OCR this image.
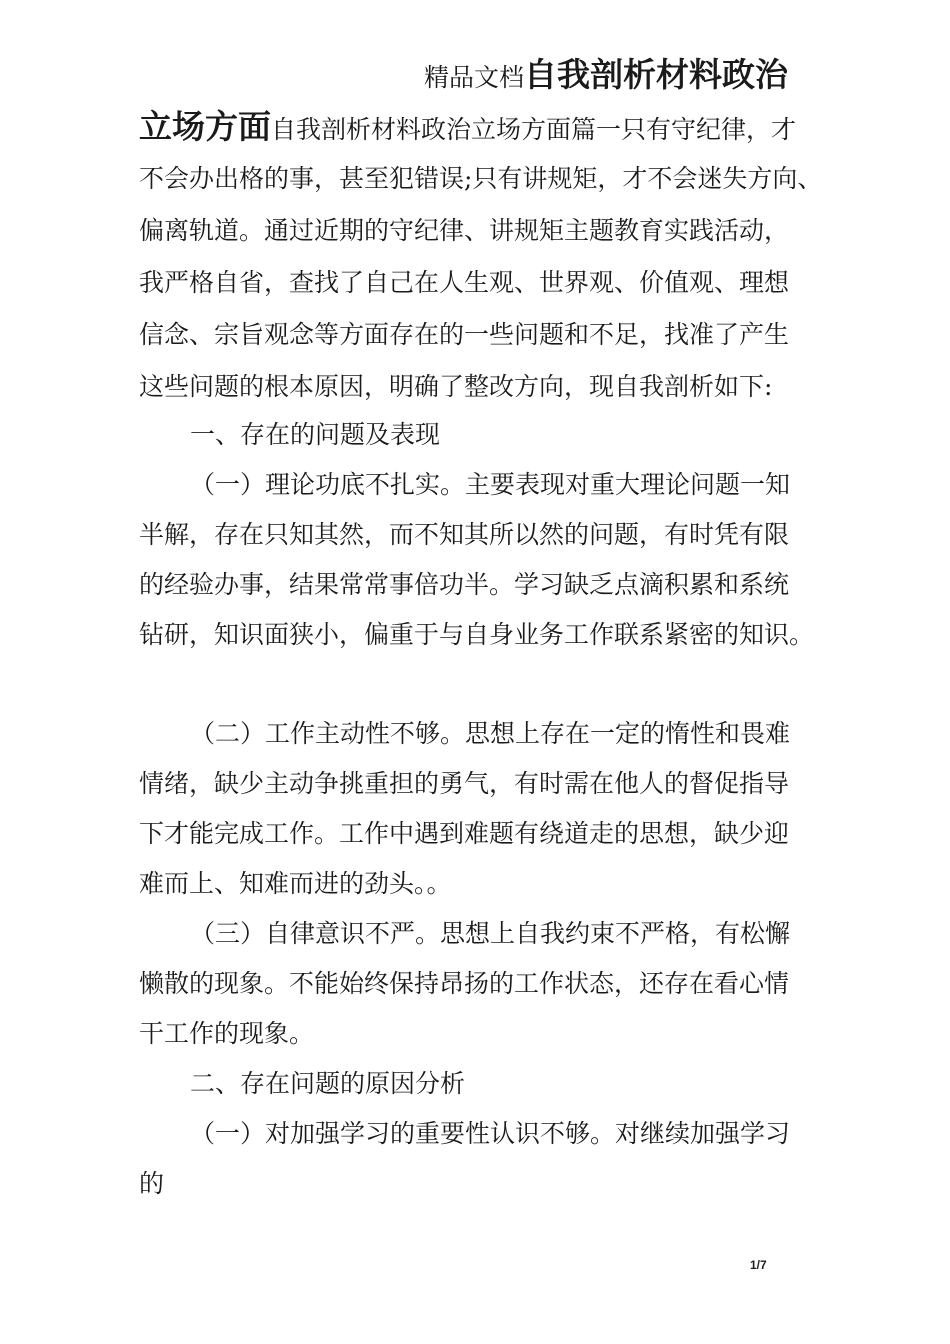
精品文档自我剖析材料政治
立场方面自我剖析材料政治立场方面篇一只有守纪律，才
不会办出格的事，甚至犯错误;只有讲规矩，才不会迷失方向、
偏离轨道。通过近期的守纪律、讲规矩主题教育实践活动，
我严格自省，查找了自己在人生观、世界观、价值观、理想
信念、宗旨观念等方面存在的一些问题和不足，找准了产生
这些问题的根本原因，明确了整改方向，现自我剖析如下:
一、存在的问题及表现
（一）理论功底不扎实。主要表现对重大理论问题一知
半解，存在只知其然，而不知其所以然的问题，有时凭有限
的经验办事，结果常常事倍功半。学习缺乏点滴积累和系统
钻研，知识面狭小，偏重于与自身业务工作联系紧密的知识。
（二）工作主动性不够。思想上存在一定的惰性和畏难
情绪，缺少主动争挑重担的勇气，有时需在他人的督促指导
下才能完成工作。工作中遇到难题有绕道走的思想，缺少迎
难而上、知难而进的劲头。。
（三）自律意识不严。思想上自我约束不严格，有松懈
懒散的现象。不能始终保持昂扬的工作状态，还存在看心情
干工作的现象。
二、存在问题的原因分析
（一）对加强学习的重要性认识不够。对继续加强学习
的
1/7
